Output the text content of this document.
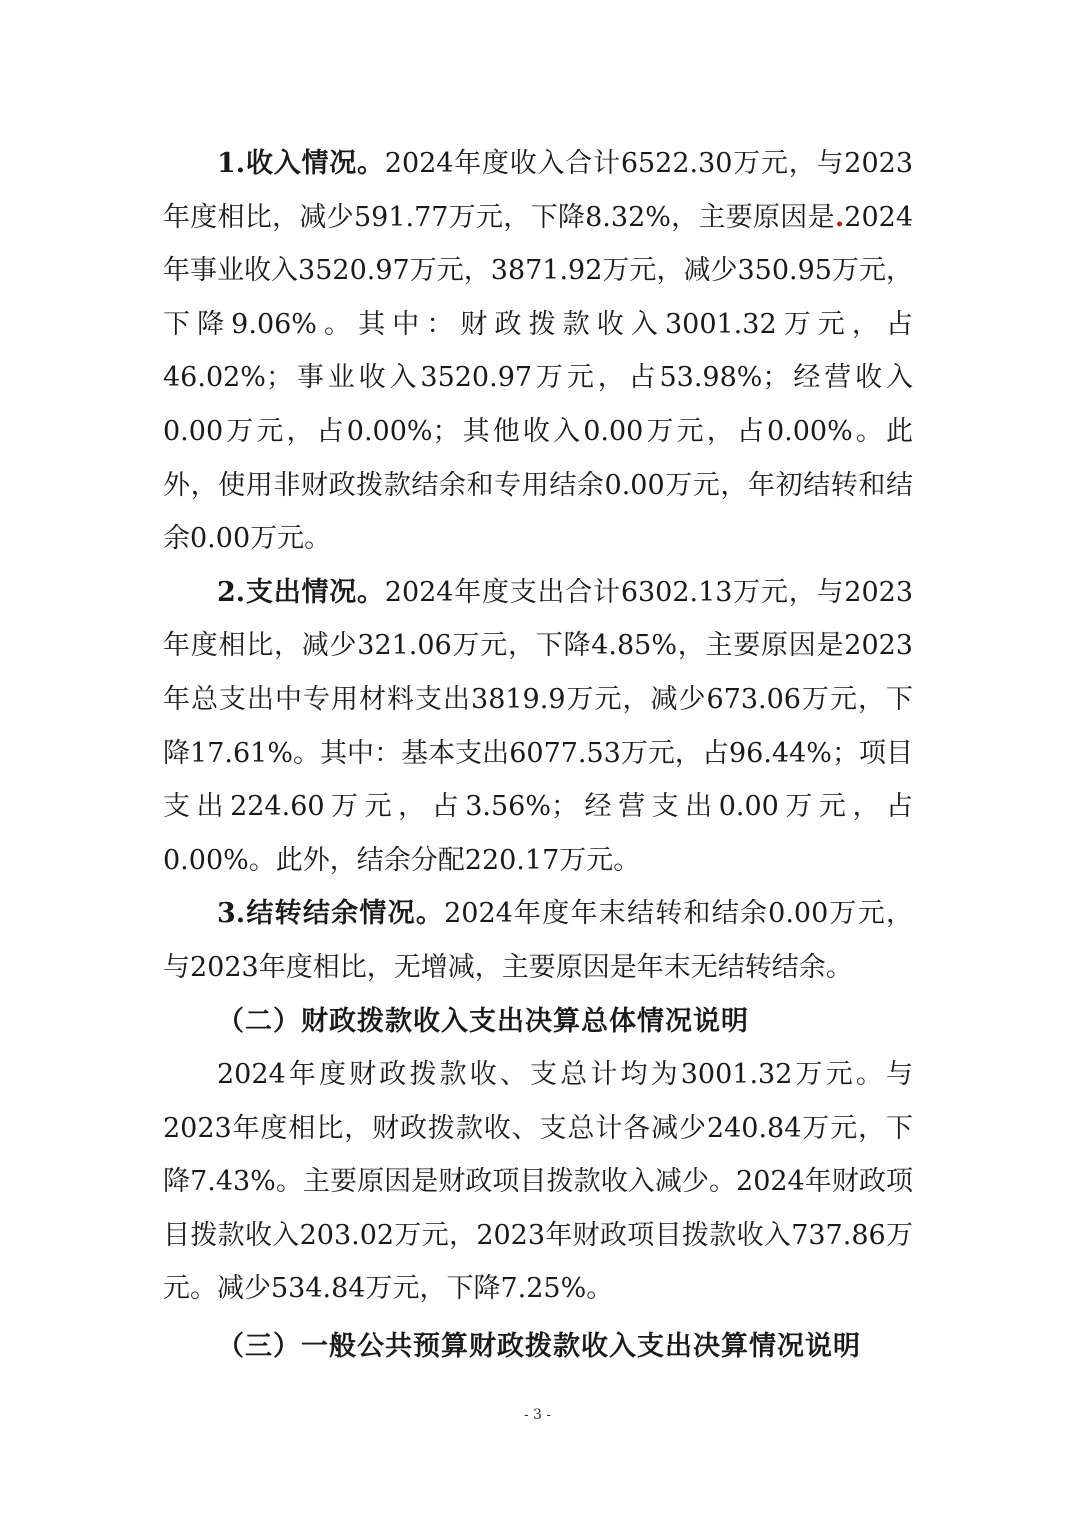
1.收入情况。2024年度收入合计6522.30万元，与2023年度相比，减少591.77万元，下降8.32%，主要原因是.2024年事业收入3520.97万元，3871.92万元，减少350.95万元，下降9.06%。其中：财政拨款收入3001.32万元，占46.02%；事业收入3520.97万元，占53.98%；经营收入0.00万元，占0.00%；其他收入0.00万元，占0.00%。此外，使用非财政拨款结余和专用结余0.00万元，年初结转和结余0.00万元。

2.支出情况。2024年度支出合计6302.13万元，与2023年度相比，减少321.06万元，下降4.85%，主要原因是2023年总支出中专用材料支出3819.9万元，减少673.06万元，下降17.61%。其中：基本支出6077.53万元，占96.44%；项目支出224.60万元，占3.56%；经营支出0.00万元，占0.00%。此外，结余分配220.17万元。

3.结转结余情况。2024年度年末结转和结余0.00万元，与2023年度相比，无增减，主要原因是年末无结转结余。

（二）财政拨款收入支出决算总体情况说明

2024年度财政拨款收、支总计均为3001.32万元。与2023年度相比，财政拨款收、支总计各减少240.84万元，下降7.43%。主要原因是财政项目拨款收入减少。2024年财政项目拨款收入203.02万元，2023年财政项目拨款收入737.86万元。减少534.84万元，下降7.25%。

（三）一般公共预算财政拨款收入支出决算情况说明

- 3 -
